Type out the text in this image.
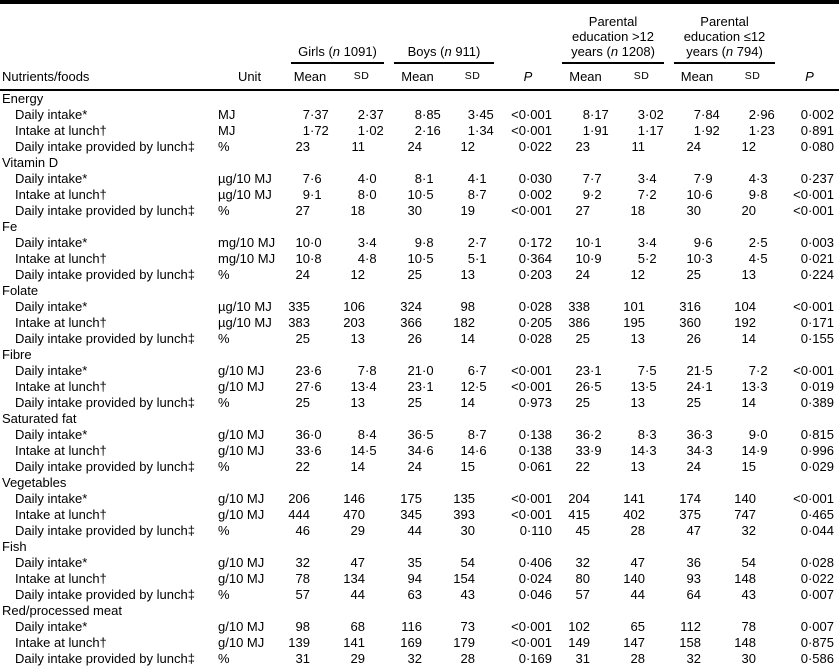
		Girls (n 1091)		Boys (n 911)			Parental education >12 years (n 1208)		Parental education ≤12 years (n 794)		

Nutrients/foods	Unit	Mean	SD	Mean	SD	P	Mean	SD	Mean	SD	P
Energy											
Daily intake*	MJ	7·37	2·37	8·85	3·45	<0·001	8·17	3·02	7·84	2·96	0·002
Intake at lunch†	MJ	1·72	1·02	2·16	1·34	<0·001	1·91	1·17	1·92	1·23	0·891
Daily intake provided by lunch‡	%	23	11	24	12	0·022	23	11	24	12	0·080
Vitamin D											
Daily intake*	µg/10 MJ	7·6	4·0	8·1	4·1	0·030	7·7	3·4	7·9	4·3	0·237
Intake at lunch†	µg/10 MJ	9·1	8·0	10·5	8·7	0·002	9·2	7·2	10·6	9·8	<0·001
Daily intake provided by lunch‡	%	27	18	30	19	<0·001	27	18	30	20	<0·001
Fe											
Daily intake*	mg/10 MJ	10·0	3·4	9·8	2·7	0·172	10·1	3·4	9·6	2·5	0·003
Intake at lunch†	mg/10 MJ	10·8	4·8	10·5	5·1	0·364	10·9	5·2	10·3	4·5	0·021
Daily intake provided by lunch‡	%	24	12	25	13	0·203	24	12	25	13	0·224
Folate											
Daily intake*	µg/10 MJ	335	106	324	98	0·028	338	101	316	104	<0·001
Intake at lunch†	µg/10 MJ	383	203	366	182	0·205	386	195	360	192	0·171
Daily intake provided by lunch‡	%	25	13	26	14	0·028	25	13	26	14	0·155
Fibre											
Daily intake*	g/10 MJ	23·6	7·8	21·0	6·7	<0·001	23·1	7·5	21·5	7·2	<0·001
Intake at lunch†	g/10 MJ	27·6	13·4	23·1	12·5	<0·001	26·5	13·5	24·1	13·3	0·019
Daily intake provided by lunch‡	%	25	13	25	14	0·973	25	13	25	14	0·389
Saturated fat											
Daily intake*	g/10 MJ	36·0	8·4	36·5	8·7	0·138	36·2	8·3	36·3	9·0	0·815
Intake at lunch†	g/10 MJ	33·6	14·5	34·6	14·6	0·138	33·9	14·3	34·3	14·9	0·996
Daily intake provided by lunch‡	%	22	14	24	15	0·061	22	13	24	15	0·029
Vegetables											
Daily intake*	g/10 MJ	206	146	175	135	<0·001	204	141	174	140	<0·001
Intake at lunch†	g/10 MJ	444	470	345	393	<0·001	415	402	375	747	0·465
Daily intake provided by lunch‡	%	46	29	44	30	0·110	45	28	47	32	0·044
Fish											
Daily intake*	g/10 MJ	32	47	35	54	0·406	32	47	36	54	0·028
Intake at lunch†	g/10 MJ	78	134	94	154	0·024	80	140	93	148	0·022
Daily intake provided by lunch‡	%	57	44	63	43	0·046	57	44	64	43	0·007
Red/processed meat											
Daily intake*	g/10 MJ	98	68	116	73	<0·001	102	65	112	78	0·007
Intake at lunch†	g/10 MJ	139	141	169	179	<0·001	149	147	158	148	0·875
Daily intake provided by lunch‡	%	31	29	32	28	0·169	31	28	32	30	0·586
